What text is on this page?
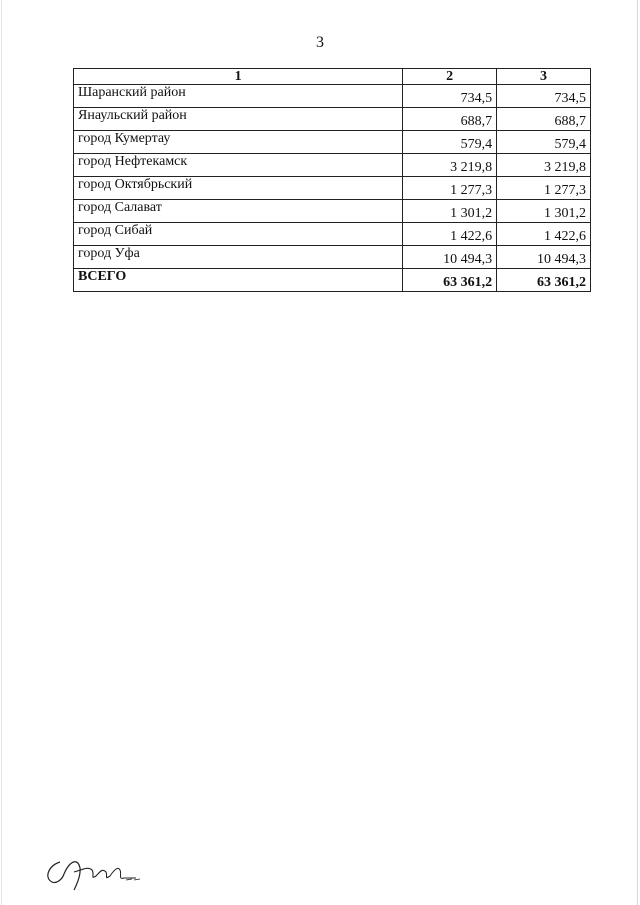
3
1	2	3
Шаранский район	734,5	734,5
Янаульский район	688,7	688,7
город Кумертау	579,4	579,4
город Нефтекамск	3 219,8	3 219,8
город Октябрьский	1 277,3	1 277,3
город Салават	1 301,2	1 301,2
город Сибай	1 422,6	1 422,6
город Уфа	10 494,3	10 494,3
ВСЕГО	63 361,2	63 361,2
